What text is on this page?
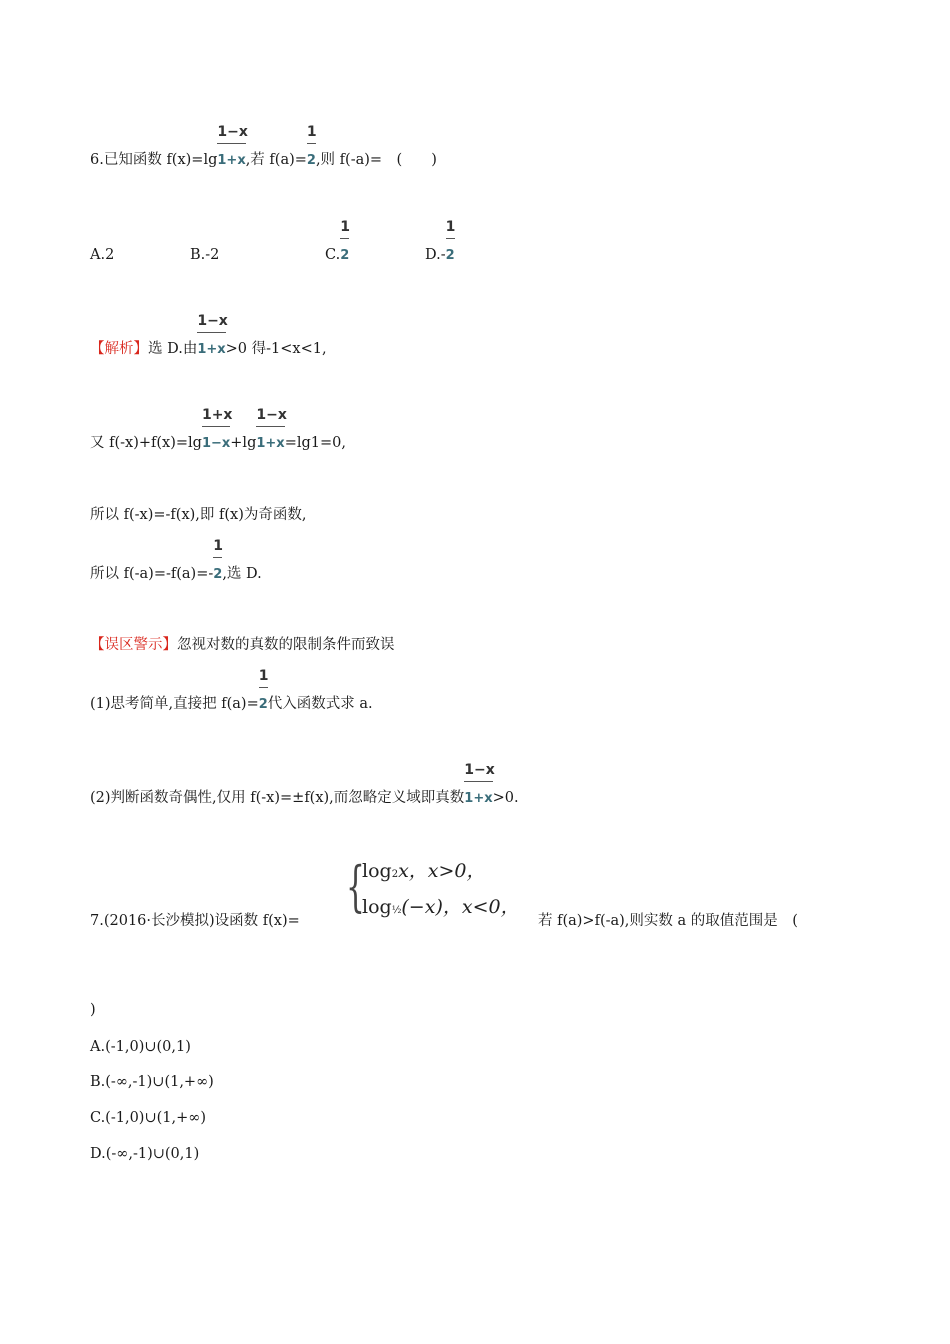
6.已知函数 $f(x)=\lg \frac{1-x}{1+x}$,若 $f(a)= \frac{1}{2}$,则 f(-a)=　(　　)
A.2	B.-2	C. $\frac{1}{2}$	$D.- \frac{1}{2}$
【解析】选 D.由 $\frac{1-x}{1+x}>0$ 得-1<x<1,
又 $f(-x)+f(x)=\lg \frac{1+x}{1-x}+\lg \frac{1-x}{1+x}=\lg 1=0$,
所以 f(-x)=-f(x),即 f(x)为奇函数,
所以 $f(-a)=-f(a)=- \frac{1}{2}$,选 D.
【误区警示】忽视对数的真数的限制条件而致误
(1)思考简单,直接把 $f(a)= \frac{1}{2}$代入函数式求 a.
(2)判断函数奇偶性,仅用 f(-x)=±f(x),而忽略定义域即真数 $\frac{1-x}{1+x}>0$.
7.(2016·长沙模拟)设函数 f(x)=
{
log2x，x>0，
log½(−x)，x<0，
若 f(a)>f(-a),则实数 a 的取值范围是　(
)
A.(-1,0)∪(0,1)
B.(-∞,-1)∪(1,+∞)
C.(-1,0)∪(1,+∞)
D.(-∞,-1)∪(0,1)
